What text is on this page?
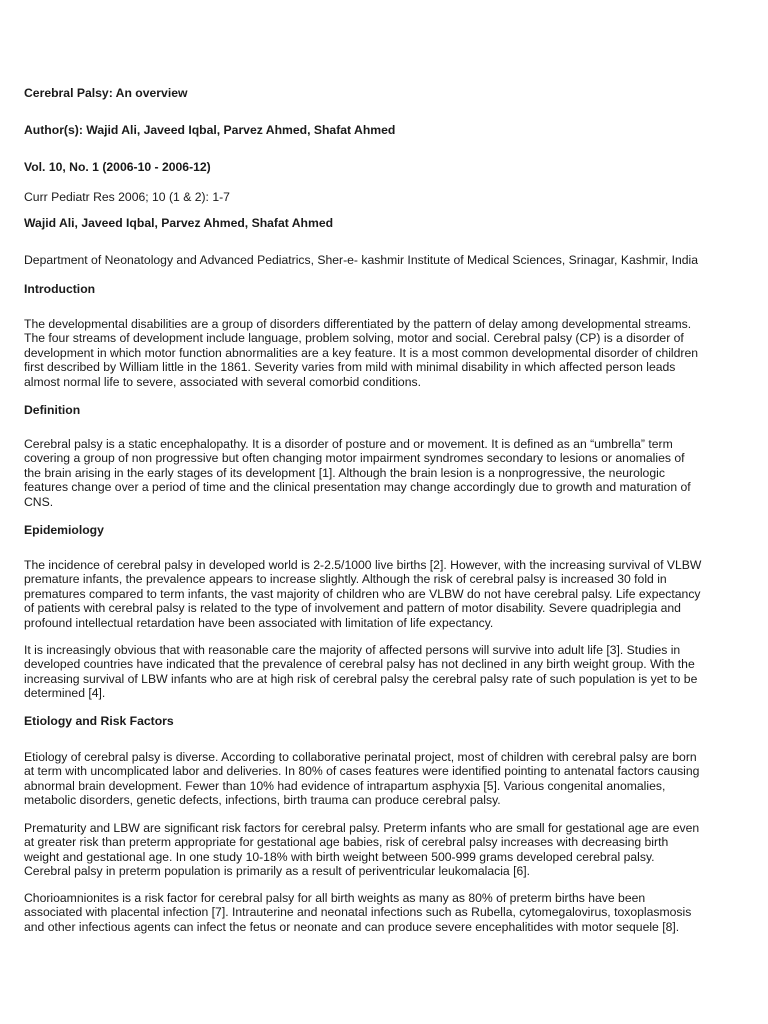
Cerebral Palsy: An overview
Author(s): Wajid Ali, Javeed Iqbal, Parvez Ahmed, Shafat Ahmed
Vol. 10, No. 1 (2006-10 - 2006-12)
Curr Pediatr Res 2006; 10 (1 & 2): 1-7
Wajid Ali, Javeed Iqbal, Parvez Ahmed, Shafat Ahmed
Department of Neonatology and Advanced Pediatrics, Sher-e- kashmir Institute of Medical Sciences, Srinagar, Kashmir, India
Introduction
The developmental disabilities are a group of disorders differentiated by the pattern of delay among developmental streams.
The four streams of development include language, problem solving, motor and social. Cerebral palsy (CP) is a disorder of
development in which motor function abnormalities are a key feature. It is a most common developmental disorder of children
first described by William little in the 1861. Severity varies from mild with minimal disability in which affected person leads
almost normal life to severe, associated with several comorbid conditions.
Definition
Cerebral palsy is a static encephalopathy. It is a disorder of posture and or movement. It is defined as an “umbrella” term
covering a group of non progressive but often changing motor impairment syndromes secondary to lesions or anomalies of
the brain arising in the early stages of its development [1]. Although the brain lesion is a nonprogressive, the neurologic
features change over a period of time and the clinical presentation may change accordingly due to growth and maturation of
CNS.
Epidemiology
The incidence of cerebral palsy in developed world is 2-2.5/1000 live births [2]. However, with the increasing survival of VLBW
premature infants, the prevalence appears to increase slightly. Although the risk of cerebral palsy is increased 30 fold in
prematures compared to term infants, the vast majority of children who are VLBW do not have cerebral palsy. Life expectancy
of patients with cerebral palsy is related to the type of involvement and pattern of motor disability. Severe quadriplegia and
profound intellectual retardation have been associated with limitation of life expectancy.
It is increasingly obvious that with reasonable care the majority of affected persons will survive into adult life [3]. Studies in
developed countries have indicated that the prevalence of cerebral palsy has not declined in any birth weight group. With the
increasing survival of LBW infants who are at high risk of cerebral palsy the cerebral palsy rate of such population is yet to be
determined [4].
Etiology and Risk Factors
Etiology of cerebral palsy is diverse. According to collaborative perinatal project, most of children with cerebral palsy are born
at term with uncomplicated labor and deliveries. In 80% of cases features were identified pointing to antenatal factors causing
abnormal brain development. Fewer than 10% had evidence of intrapartum asphyxia [5]. Various congenital anomalies,
metabolic disorders, genetic defects, infections, birth trauma can produce cerebral palsy.
Prematurity and LBW are significant risk factors for cerebral palsy. Preterm infants who are small for gestational age are even
at greater risk than preterm appropriate for gestational age babies, risk of cerebral palsy increases with decreasing birth
weight and gestational age. In one study 10-18% with birth weight between 500-999 grams developed cerebral palsy.
Cerebral palsy in preterm population is primarily as a result of periventricular leukomalacia [6].
Chorioamnionites is a risk factor for cerebral palsy for all birth weights as many as 80% of preterm births have been
associated with placental infection [7]. Intrauterine and neonatal infections such as Rubella, cytomegalovirus, toxoplasmosis
and other infectious agents can infect the fetus or neonate and can produce severe encephalitides with motor sequele [8].
